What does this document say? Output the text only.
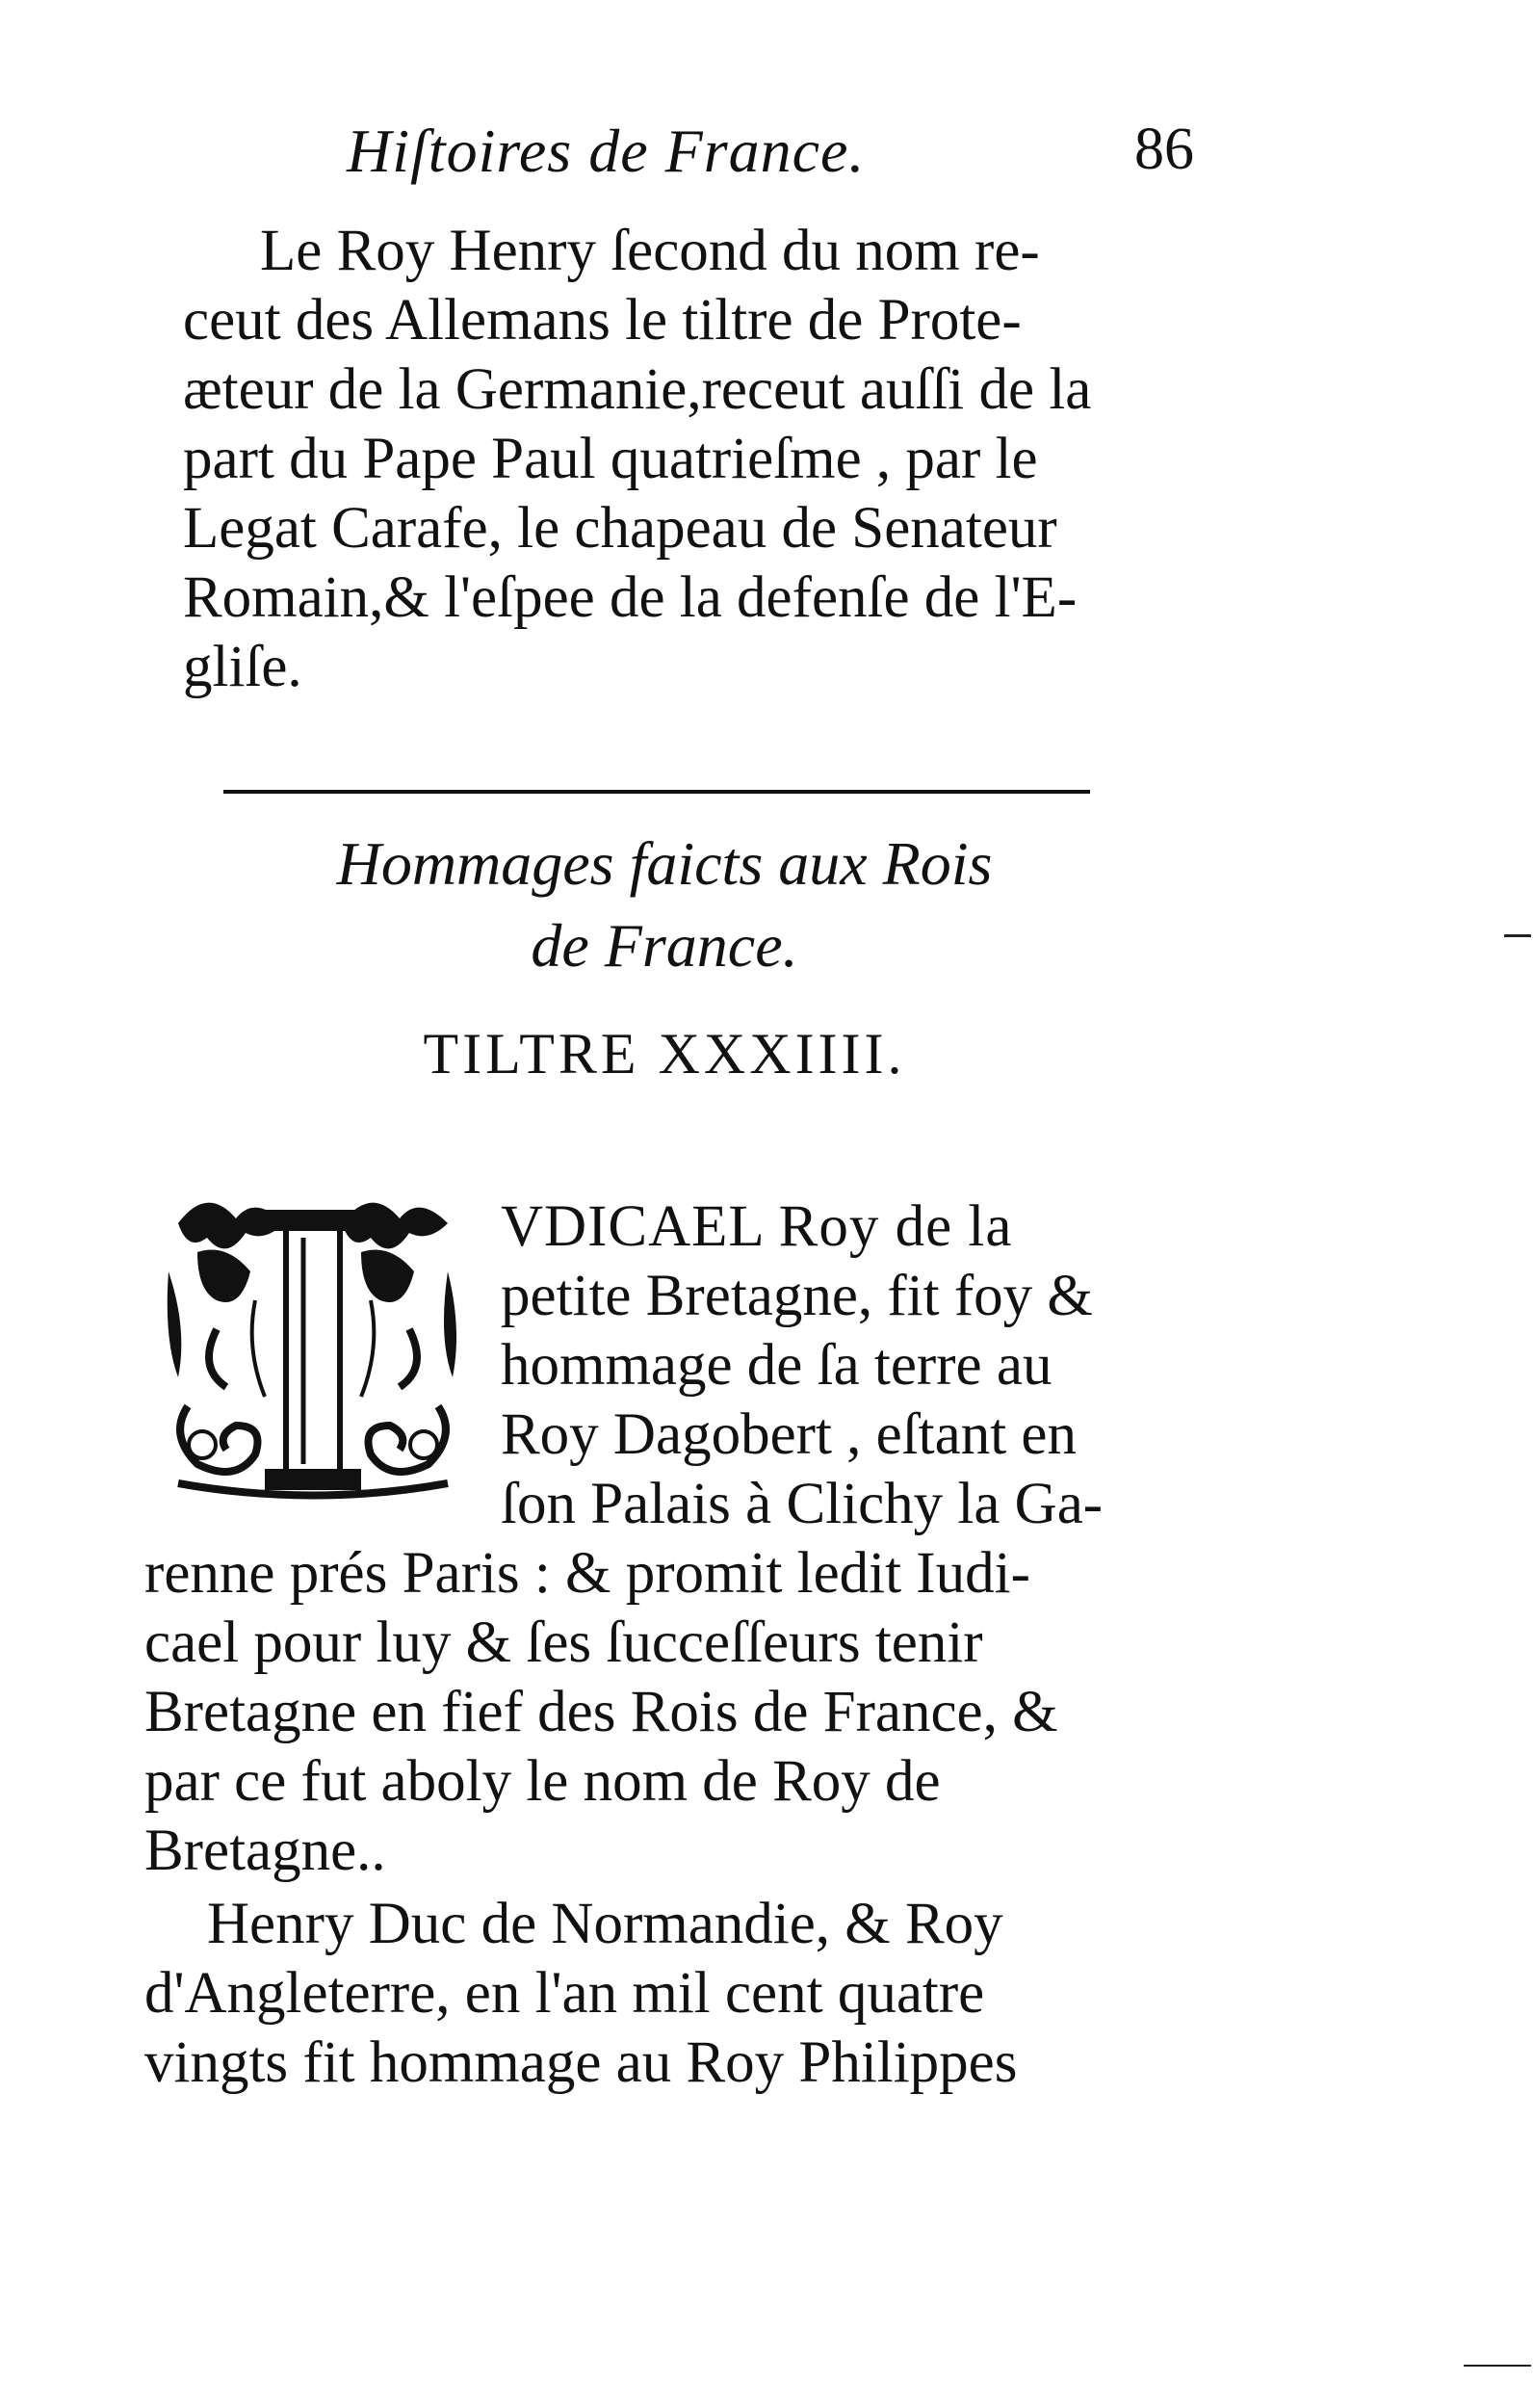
Hiſtoires de France.	86
Le Roy Henry ſecond du nom re-
ceut des Allemans le tiltre de Prote-
ӕteur de la Germanie,receut auſſi de la
part du Pape Paul quatrieſme , par le
Legat Carafe, le chapeau de Senateur
Romain,& l'eſpee de la defenſe de l'E-
gliſe.
Hommages faicts aux Rois
de France.
TILTRE XXXIIII.
VDICAEL Roy de la
petite Bretagne, fit foy &
hommage de ſa terre au
Roy Dagobert , eſtant en
ſon Palais à Clichy la Ga-
renne prés Paris : & promit ledit Iudi-
cael pour luy & ſes ſucceſſeurs tenir
Bretagne en fief des Rois de France, &
par ce fut aboly le nom de Roy de
Bretagne..
Henry Duc de Normandie, & Roy
d'Angleterre, en l'an mil cent quatre
vingts fit hommage au Roy Philippes
